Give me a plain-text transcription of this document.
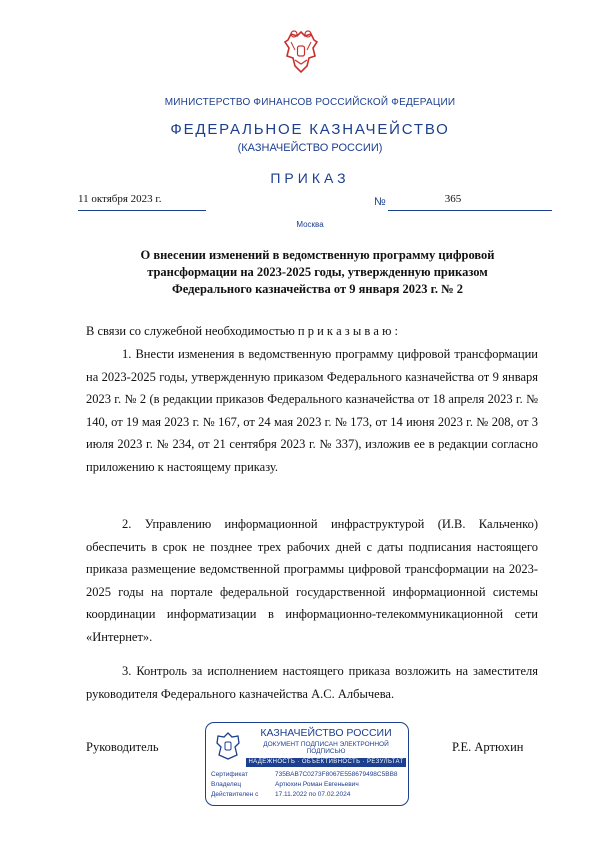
МИНИСТЕРСТВО ФИНАНСОВ РОССИЙСКОЙ ФЕДЕРАЦИИ
ФЕДЕРАЛЬНОЕ КАЗНАЧЕЙСТВО
(КАЗНАЧЕЙСТВО РОССИИ)
ПРИКАЗ
11 октября 2023 г.	№	365
Москва
О внесении изменений в ведомственную программу цифровой трансформации на 2023-2025 годы, утвержденную приказом Федерального казначейства от 9 января 2023 г. № 2

В связи со служебной необходимостью п р и к а з ы в а ю :

1. Внести изменения в ведомственную программу цифровой трансформации на 2023-2025 годы, утвержденную приказом Федерального казначейства от 9 января 2023 г. № 2 (в редакции приказов Федерального казначейства от 18 апреля 2023 г. № 140, от 19 мая 2023 г. № 167, от 24 мая 2023 г. № 173, от 14 июня 2023 г. № 208, от 3 июля 2023 г. № 234, от 21 сентября 2023 г. № 337), изложив ее в редакции согласно приложению к настоящему приказу.

2. Управлению информационной инфраструктурой (И.В. Кальченко) обеспечить в срок не позднее трех рабочих дней с даты подписания настоящего приказа размещение ведомственной программы цифровой трансформации на 2023-2025 годы на портале федеральной государственной информационной системы координации информатизации в информационно-телекоммуникационной сети «Интернет».

3. Контроль за исполнением настоящего приказа возложить на заместителя руководителя Федерального казначейства А.С. Албычева.

Руководитель	Р.Е. Артюхин
КАЗНАЧЕЙСТВО РОССИИ
ДОКУМЕНТ ПОДПИСАН ЭЛЕКТРОННОЙ ПОДПИСЬЮ
НАДЕЖНОСТЬ · ОБЪЕКТИВНОСТЬ · РЕЗУЛЬТАТ
Сертификат	735BAB7C0273F8067E558679498C5BB8
Владелец	Артюхин Роман Евгеньевич
Действителен с	17.11.2022 по 07.02.2024
